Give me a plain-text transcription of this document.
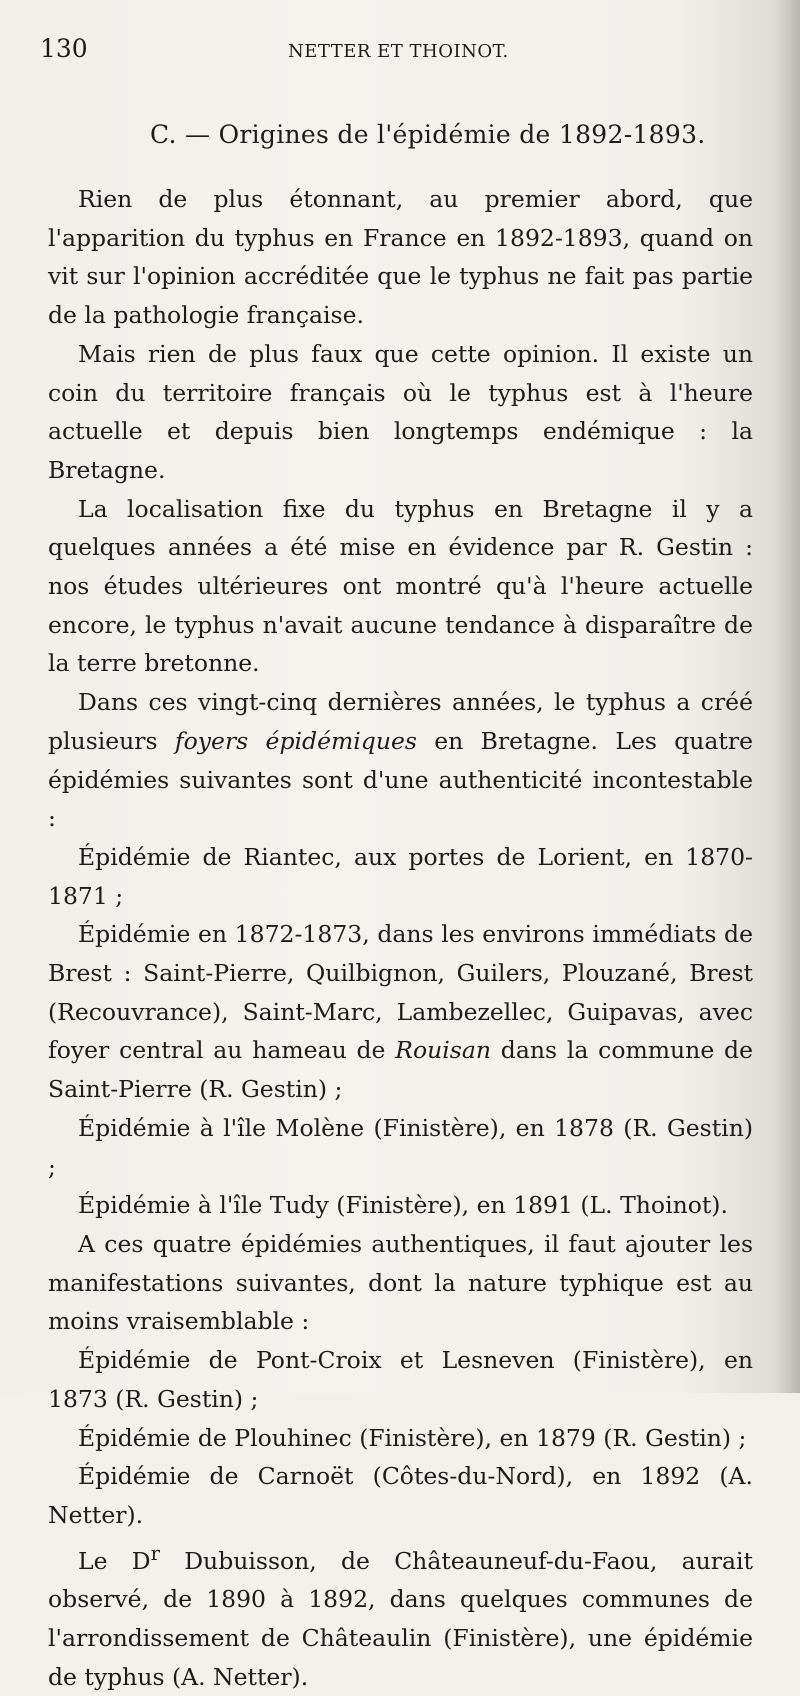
130	NETTER ET THOINOT.
C. — Origines de l'épidémie de 1892-1893.

Rien de plus étonnant, au premier abord, que l'apparition du typhus en France en 1892-1893, quand on vit sur l'opinion accréditée que le typhus ne fait pas partie de la pathologie française.

Mais rien de plus faux que cette opinion. Il existe un coin du territoire français où le typhus est à l'heure actuelle et depuis bien longtemps endémique : la Bretagne.

La localisation fixe du typhus en Bretagne il y a quelques années a été mise en évidence par R. Gestin : nos études ultérieures ont montré qu'à l'heure actuelle encore, le typhus n'avait aucune tendance à disparaître de la terre bretonne.

Dans ces vingt-cinq dernières années, le typhus a créé plusieurs foyers épidémiques en Bretagne. Les quatre épidémies suivantes sont d'une authenticité incontestable :

Épidémie de Riantec, aux portes de Lorient, en 1870-1871 ;

Épidémie en 1872-1873, dans les environs immédiats de Brest : Saint-Pierre, Quilbignon, Guilers, Plouzané, Brest (Recouvrance), Saint-Marc, Lambezellec, Guipavas, avec foyer central au hameau de Rouisan dans la commune de Saint-Pierre (R. Gestin) ;

Épidémie à l'île Molène (Finistère), en 1878 (R. Gestin) ;

Épidémie à l'île Tudy (Finistère), en 1891 (L. Thoinot).

A ces quatre épidémies authentiques, il faut ajouter les manifestations suivantes, dont la nature typhique est au moins vraisemblable :

Épidémie de Pont-Croix et Lesneven (Finistère), en 1873 (R. Gestin) ;

Épidémie de Plouhinec (Finistère), en 1879 (R. Gestin) ;

Épidémie de Carnoët (Côtes-du-Nord), en 1892 (A. Netter).

Le $D^r$ Dubuisson, de Châteauneuf-du-Faou, aurait observé, de 1890 à 1892, dans quelques communes de l'arrondissement de Châteaulin (Finistère), une épidémie de typhus (A. Netter).
